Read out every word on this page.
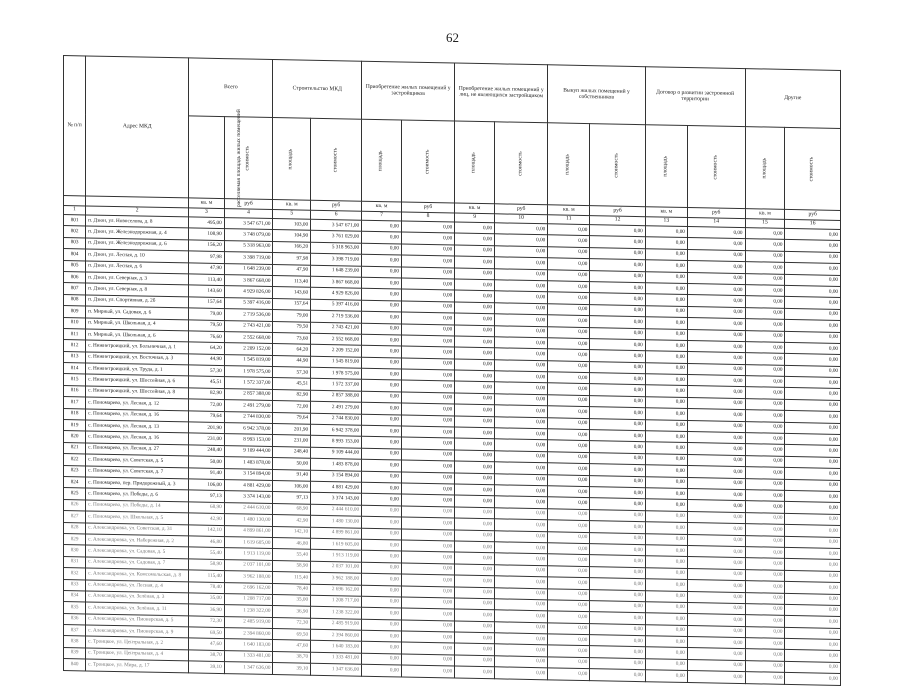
62
№ п/п	Адрес МКД	Всего		Строительство МКД		Приобретение жилых помещений у застройщиков		Приобретение жилых помещений у лиц, не являющихся застройщиком		Выкуп жилых помещений у собственников		Договор о развитии застроенной территории		Другие	
		расселяемая площадь жилых помещений	стоимость	площадь	стоимость	площадь	стоимость	площадь	стоимость	площадь	стоимость	площадь	стоимость	площадь	стоимость
		кв. м	руб	кв. м	руб	кв. м	руб	кв. м	руб	кв. м	руб	кв. м	руб	кв. м	руб
1	2	3	4	5	6	7	8	9	10	11	12	13	14	15	16
801	п. Дзюн, ул. Новоселова, д. 8	495,00	3 547 671,00	103,00	3 547 671,00	0,00	0,00	0,00	0,00	0,00	0,00	0,00	0,00	0,00	0,00
802	п. Дзюн, ул. Железнодорожная, д. 4	108,90	3 748 079,00	104,90	3 761 029,00	0,00	0,00	0,00	0,00	0,00	0,00	0,00	0,00	0,00	0,00
803	п. Дзюн, ул. Железнодорожная, д. 6	156,20	5 318 963,00	166,20	5 318 963,00	0,00	0,00	0,00	0,00	0,00	0,00	0,00	0,00	0,00	0,00
804	п. Дзюн, ул. Лесная, д. 10	97,98	3 398 719,00	97,98	3 398 719,00	0,00	0,00	0,00	0,00	0,00	0,00	0,00	0,00	0,00	0,00
805	п. Дзюн, ул. Лесная, д. 6	47,90	1 648 239,00	47,90	1 648 239,00	0,00	0,00	0,00	0,00	0,00	0,00	0,00	0,00	0,00	0,00
806	п. Дзюн, ул. Северная, д. 3	113,40	3 867 668,00	113,40	3 867 668,00	0,00	0,00	0,00	0,00	0,00	0,00	0,00	0,00	0,00	0,00
807	п. Дзюн, ул. Северная, д. 8	143,60	4 929 826,00	143,60	4 929 826,00	0,00	0,00	0,00	0,00	0,00	0,00	0,00	0,00	0,00	0,00
808	п. Дзюн, ул. Спортивная, д. 2б	157,64	5 397 416,00	157,64	5 397 416,00	0,00	0,00	0,00	0,00	0,00	0,00	0,00	0,00	0,00	0,00
809	п. Мирный, ул. Садовая, д. 6	79,00	2 719 536,00	79,00	2 719 536,00	0,00	0,00	0,00	0,00	0,00	0,00	0,00	0,00	0,00	0,00
810	п. Мирный, ул. Школьная, д. 4	79,50	2 743 421,00	79,50	2 743 421,00	0,00	0,00	0,00	0,00	0,00	0,00	0,00	0,00	0,00	0,00
811	п. Мирный, ул. Школьная, д. 6	76,60	2 552 668,00	73,60	2 552 668,00	0,00	0,00	0,00	0,00	0,00	0,00	0,00	0,00	0,00	0,00
812	с. Нижнетроицкий, ул. Больничная, д. 1	64,20	2 209 152,00	64,20	2 209 152,00	0,00	0,00	0,00	0,00	0,00	0,00	0,00	0,00	0,00	0,00
813	с. Нижнетроицкий, ул. Восточная, д. 3	44,90	1 545 819,00	44,90	1 545 819,00	0,00	0,00	0,00	0,00	0,00	0,00	0,00	0,00	0,00	0,00
814	с. Нижнетроицкий, ул. Труда, д. 1	57,30	1 978 575,00	57,30	1 978 575,00	0,00	0,00	0,00	0,00	0,00	0,00	0,00	0,00	0,00	0,00
815	с. Нижнетроицкий, ул. Шоссейная, д. 6	45,51	1 572 337,00	45,51	1 572 337,00	0,00	0,00	0,00	0,00	0,00	0,00	0,00	0,00	0,00	0,00
816	с. Нижнетроицкий, ул. Шоссейная, д. 8	82,90	2 857 388,00	82,90	2 857 388,00	0,00	0,00	0,00	0,00	0,00	0,00	0,00	0,00	0,00	0,00
817	с. Пономарево, ул. Лесная, д. 12	72,00	2 491 279,00	72,00	2 491 279,00	0,00	0,00	0,00	0,00	0,00	0,00	0,00	0,00	0,00	0,00
818	с. Пономарево, ул. Лесная, д. 16	79,64	2 744 830,00	79,64	2 744 830,00	0,00	0,00	0,00	0,00	0,00	0,00	0,00	0,00	0,00	0,00
819	с. Пономарево, ул. Лесная, д. 13	201,90	6 942 378,00	201,90	6 942 378,00	0,00	0,00	0,00	0,00	0,00	0,00	0,00	0,00	0,00	0,00
820	с. Пономарево, ул. Лесная, д. 16	231,00	8 993 153,00	231,00	8 993 153,00	0,00	0,00	0,00	0,00	0,00	0,00	0,00	0,00	0,00	0,00
821	с. Пономарево, ул. Лесная, д. 27	248,40	9 109 444,00	248,40	9 109 444,00	0,00	0,00	0,00	0,00	0,00	0,00	0,00	0,00	0,00	0,00
822	с. Пономарево, ул. Советская, д. 5	50,00	1 483 878,00	50,00	1 483 878,00	0,00	0,00	0,00	0,00	0,00	0,00	0,00	0,00	0,00	0,00
823	с. Пономарево, ул. Советская, д. 7	91,40	3 154 894,00	91,40	3 154 894,00	0,00	0,00	0,00	0,00	0,00	0,00	0,00	0,00	0,00	0,00
824	с. Пономарево, пер. Придорожный, д. 3	106,00	4 881 429,00	106,00	4 881 429,00	0,00	0,00	0,00	0,00	0,00	0,00	0,00	0,00	0,00	0,00
825	с. Пономарево, ул. Победы, д. 6	97,13	3 374 143,00	97,13	3 374 143,00	0,00	0,00	0,00	0,00	0,00	0,00	0,00	0,00	0,00	0,00
826	с. Пономарево, ул. Победы, д. 14	68,90	2 444 610,00	68,90	2 444 610,00	0,00	0,00	0,00	0,00	0,00	0,00	0,00	0,00	0,00	0,00
827	с. Пономарево, ул. Школьная, д. 5	42,90	1 480 130,00	42,90	1 480 130,00	0,00	0,00	0,00	0,00	0,00	0,00	0,00	0,00	0,00	0,00
828	с. Александровка, ул. Советская, д. 31	142,10	4 899 861,00	142,10	4 899 861,00	0,00	0,00	0,00	0,00	0,00	0,00	0,00	0,00	0,00	0,00
829	с. Александровка, ул. Набережная, д. 2	46,80	1 619 605,00	46,80	1 619 605,00	0,00	0,00	0,00	0,00	0,00	0,00	0,00	0,00	0,00	0,00
830	с. Александровка, ул. Садовая, д. 5	55,40	1 913 119,00	55,40	1 913 119,00	0,00	0,00	0,00	0,00	0,00	0,00	0,00	0,00	0,00	0,00
831	с. Александровка, ул. Садовая, д. 7	58,90	2 037 101,00	58,90	2 037 101,00	0,00	0,00	0,00	0,00	0,00	0,00	0,00	0,00	0,00	0,00
832	с. Александровка, ул. Комсомольская, д. 8	115,40	3 962 188,00	115,40	3 962 188,00	0,00	0,00	0,00	0,00	0,00	0,00	0,00	0,00	0,00	0,00
833	с. Александровка, ул. Лесная, д. 4	78,40	2 696 162,00	78,40	2 696 162,00	0,00	0,00	0,00	0,00	0,00	0,00	0,00	0,00	0,00	0,00
834	с. Александровка, ул. Зелёная, д. 3	35,00	1 208 717,00	35,00	1 208 717,00	0,00	0,00	0,00	0,00	0,00	0,00	0,00	0,00	0,00	0,00
835	с. Александровка, ул. Зелёная, д. 11	36,90	1 238 322,00	36,90	1 238 322,00	0,00	0,00	0,00	0,00	0,00	0,00	0,00	0,00	0,00	0,00
836	с. Александровка, ул. Пионерская, д. 5	72,30	2 485 919,00	72,30	2 485 919,00	0,00	0,00	0,00	0,00	0,00	0,00	0,00	0,00	0,00	0,00
837	с. Александровка, ул. Пионерская, д. 9	69,50	2 394 860,00	69,50	2 394 860,00	0,00	0,00	0,00	0,00	0,00	0,00	0,00	0,00	0,00	0,00
838	с. Троицкое, ул. Центральная, д. 2	47,60	1 640 183,00	47,60	1 640 183,00	0,00	0,00	0,00	0,00	0,00	0,00	0,00	0,00	0,00	0,00
839	с. Троицкое, ул. Центральная, д. 4	38,70	1 333 481,00	38,70	1 333 481,00	0,00	0,00	0,00	0,00	0,00	0,00	0,00	0,00	0,00	0,00
840	с. Троицкое, ул. Мира, д. 17	39,10	1 347 636,00	39,10	1 347 636,00	0,00	0,00	0,00	0,00	0,00	0,00	0,00	0,00	0,00	0,00
